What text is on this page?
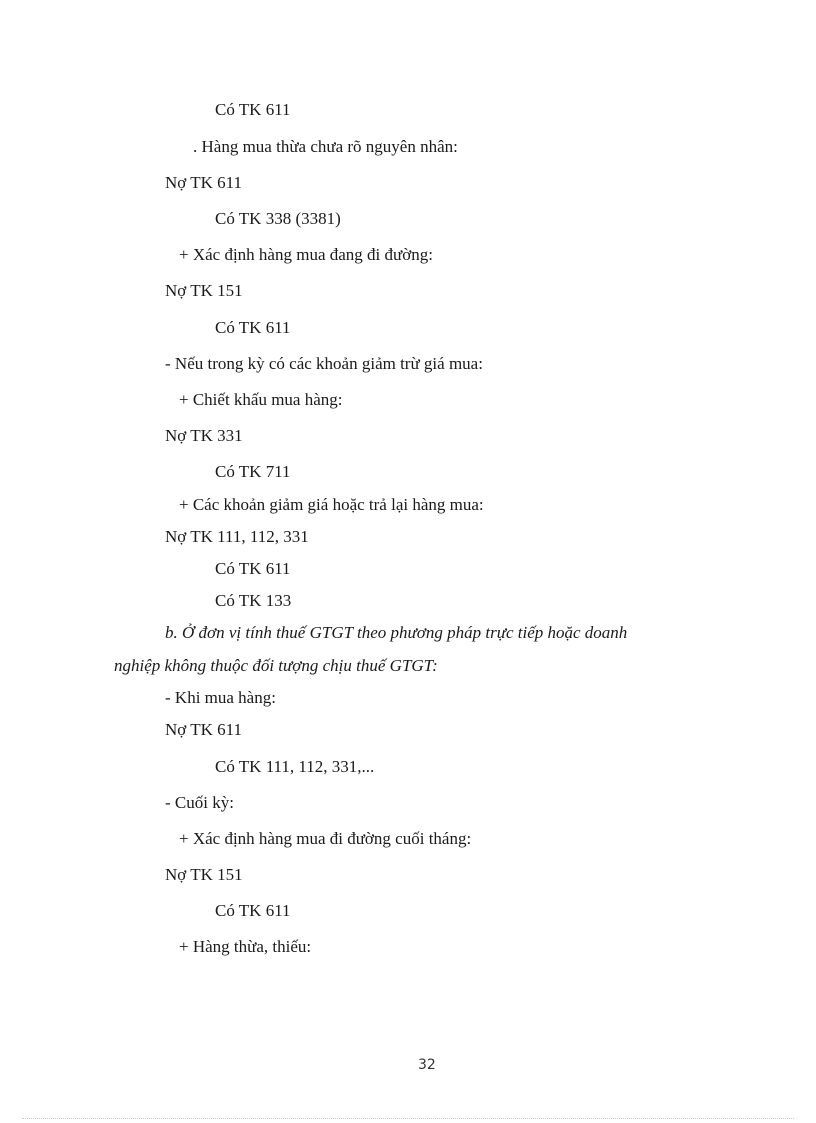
Có TK 611
. Hàng mua thừa chưa rõ nguyên nhân:
Nợ TK 611
Có TK 338 (3381)
+ Xác định hàng mua đang đi đường:
Nợ TK 151
Có TK 611
- Nếu trong kỳ có các khoản giảm trừ giá mua:
+ Chiết khấu mua hàng:
Nợ TK 331
Có TK 711
+ Các khoản giảm giá hoặc trả lại hàng mua:
Nợ TK 111, 112, 331
Có TK 611
Có TK 133
b. Ở đơn vị tính thuế GTGT theo phương pháp trực tiếp hoặc doanh
nghiệp không thuộc đối tượng chịu thuế GTGT:
- Khi mua hàng:
Nợ TK 611
Có TK 111, 112, 331,...
- Cuối kỳ:
+ Xác định hàng mua đi đường cuối tháng:
Nợ TK 151
Có TK 611
+ Hàng thừa, thiếu:
32
